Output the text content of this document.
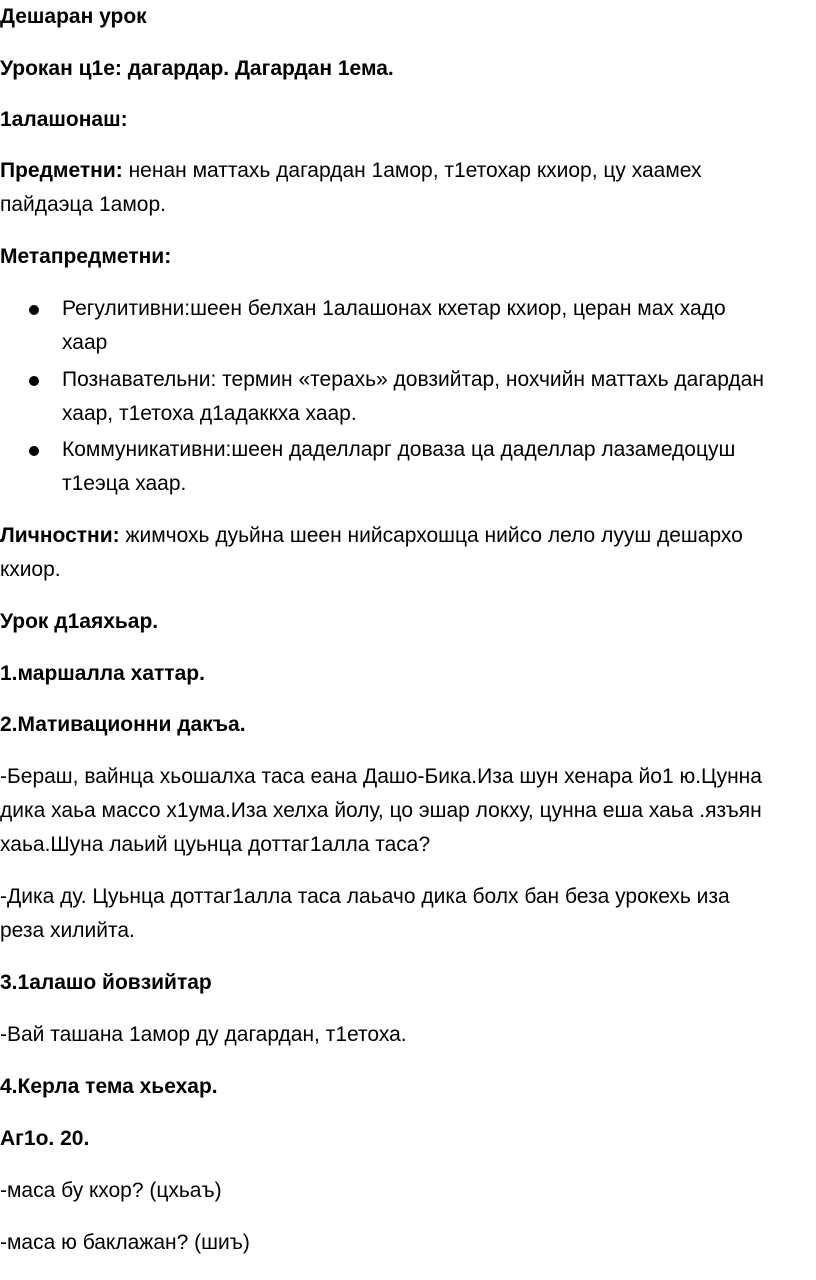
Дешаран урок
Урокан ц1е: дагардар. Дагардан 1ема.
1алашонаш:
Предметни: ненан маттахь дагардан 1амор, т1етохар кхиор, цу хаамех
пайдаэца 1амор.
Метапредметни:
Регулитивни:шеен белхан 1алашонах кхетар кхиор, церан мах хадо
хаар
Познавательни: термин «терахь» довзийтар, нохчийн маттахь дагардан
хаар, т1етоха д1адаккха хаар.
Коммуникативни:шеен даделларг доваза ца даделлар лазамедоцуш
т1еэца хаар.
Личностни: жимчохь дуьйна шеен нийсархошца нийсо лело лууш дешархо
кхиор.
Урок д1аяхьар.
1.маршалла хаттар.
2.Мативационни дакъа.
-Бераш, вайнца хьошалха таса еана Дашо-Бика.Иза шун хенара йо1 ю.Цунна
дика хаьа массо х1ума.Иза хелха йолу, цо эшар локху, цунна еша хаьа .язъян
хаьа.Шуна лаьий цуьнца доттаг1алла таса?
-Дика ду. Цуьнца доттаг1алла таса лаьачо дика болх бан беза урокехь иза
реза хилийта.
3.1алашо йовзийтар
-Вай ташана 1амор ду дагардан, т1етоха.
4.Керла тема хьехар.
Аг1о. 20.
-маса бу кхор? (цхьаъ)
-маса ю баклажан? (шиъ)
